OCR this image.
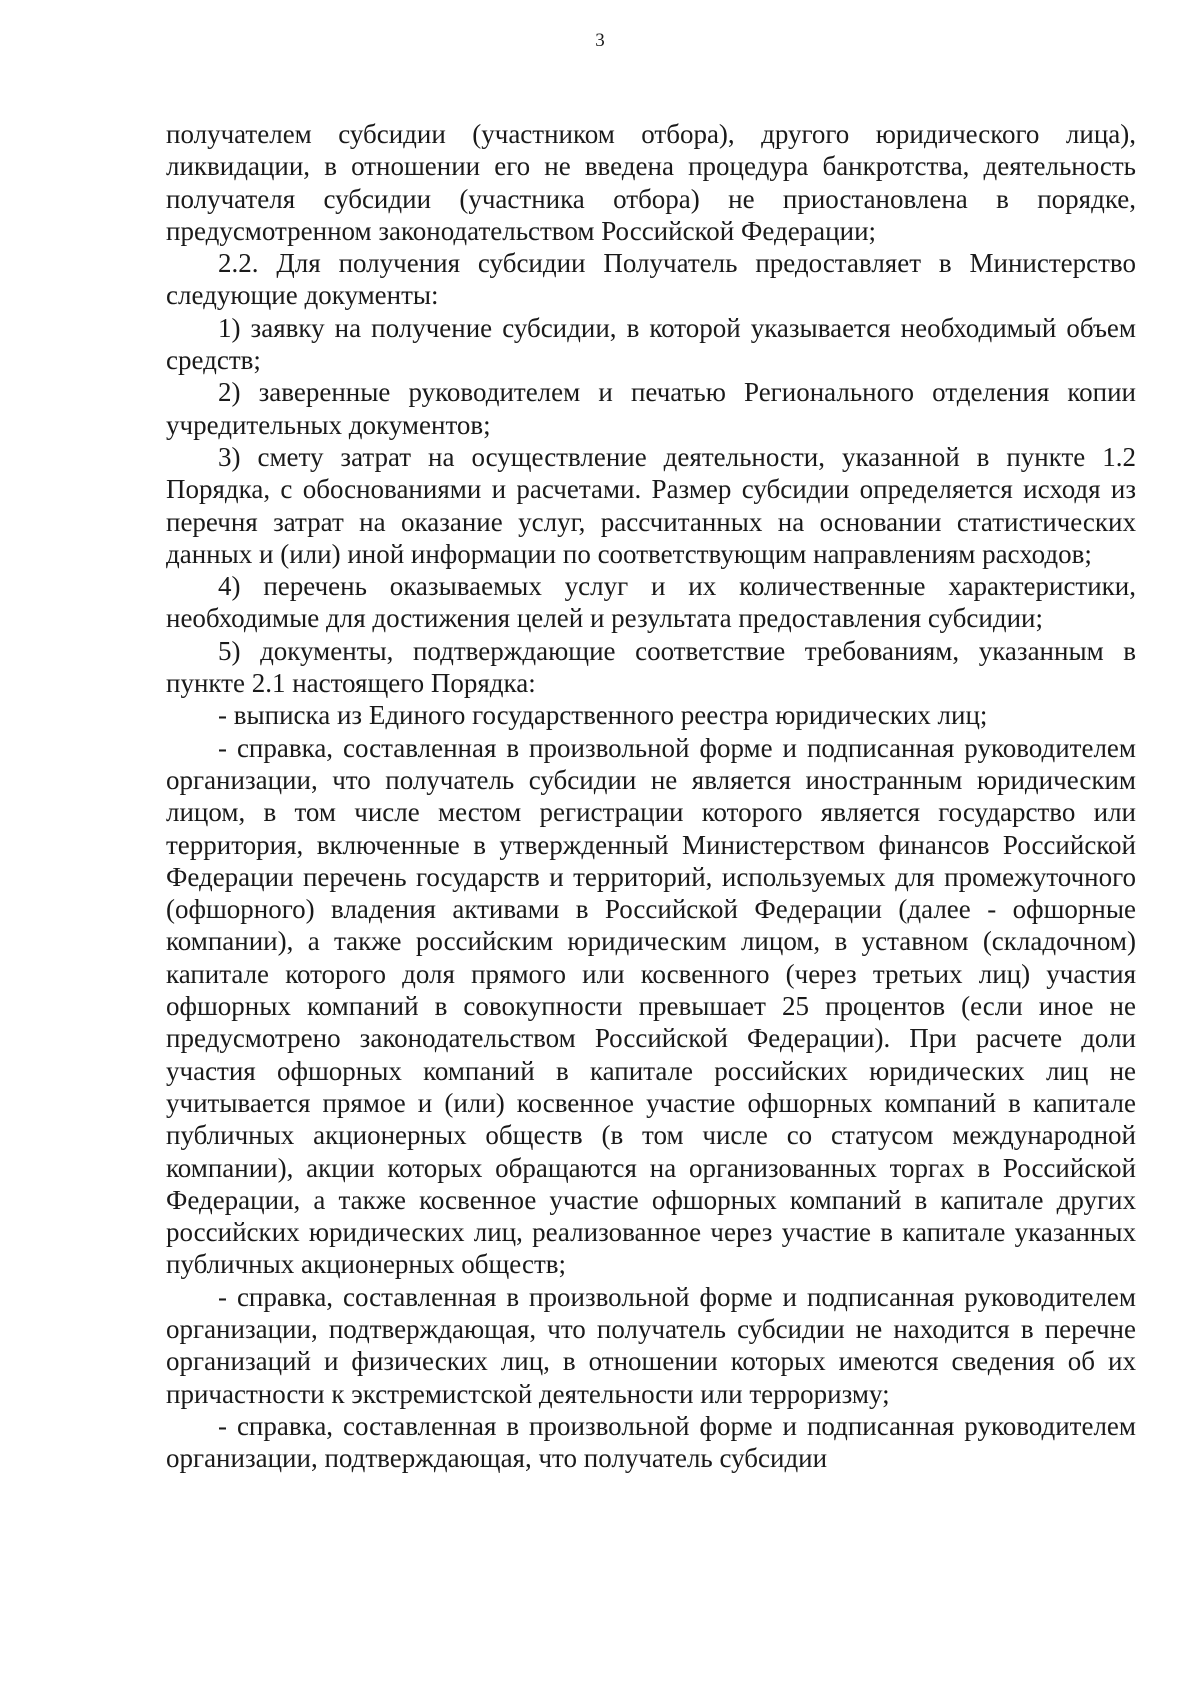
3

получателем субсидии (участником отбора), другого юридического лица), ликвидации, в отношении его не введена процедура банкротства, деятельность получателя субсидии (участника отбора) не приостановлена в порядке, предусмотренном законодательством Российской Федерации;

2.2. Для получения субсидии Получатель предоставляет в Министерство следующие документы:

1) заявку на получение субсидии, в которой указывается необходимый объем средств;

2) заверенные руководителем и печатью Регионального отделения копии учредительных документов;

3) смету затрат на осуществление деятельности, указанной в пункте 1.2 Порядка, с обоснованиями и расчетами. Размер субсидии определяется исходя из перечня затрат на оказание услуг, рассчитанных на основании статистических данных и (или) иной информации по соответствующим направлениям расходов;

4) перечень оказываемых услуг и их количественные характеристики, необходимые для достижения целей и результата предоставления субсидии;

5) документы, подтверждающие соответствие требованиям, указанным в пункте 2.1 настоящего Порядка:

- выписка из Единого государственного реестра юридических лиц;

- справка, составленная в произвольной форме и подписанная руководителем организации, что получатель субсидии не является иностранным юридическим лицом, в том числе местом регистрации которого является государство или территория, включенные в утвержденный Министерством финансов Российской Федерации перечень государств и территорий, используемых для промежуточного (офшорного) владения активами в Российской Федерации (далее - офшорные компании), а также российским юридическим лицом, в уставном (складочном) капитале которого доля прямого или косвенного (через третьих лиц) участия офшорных компаний в совокупности превышает 25 процентов (если иное не предусмотрено законодательством Российской Федерации). При расчете доли участия офшорных компаний в капитале российских юридических лиц не учитывается прямое и (или) косвенное участие офшорных компаний в капитале публичных акционерных обществ (в том числе со статусом международной компании), акции которых обращаются на организованных торгах в Российской Федерации, а также косвенное участие офшорных компаний в капитале других российских юридических лиц, реализованное через участие в капитале указанных публичных акционерных обществ;

- справка, составленная в произвольной форме и подписанная руководителем организации, подтверждающая, что получатель субсидии не находится в перечне организаций и физических лиц, в отношении которых имеются сведения об их причастности к экстремистской деятельности или терроризму;

- справка, составленная в произвольной форме и подписанная руководителем организации, подтверждающая, что получатель субсидии
